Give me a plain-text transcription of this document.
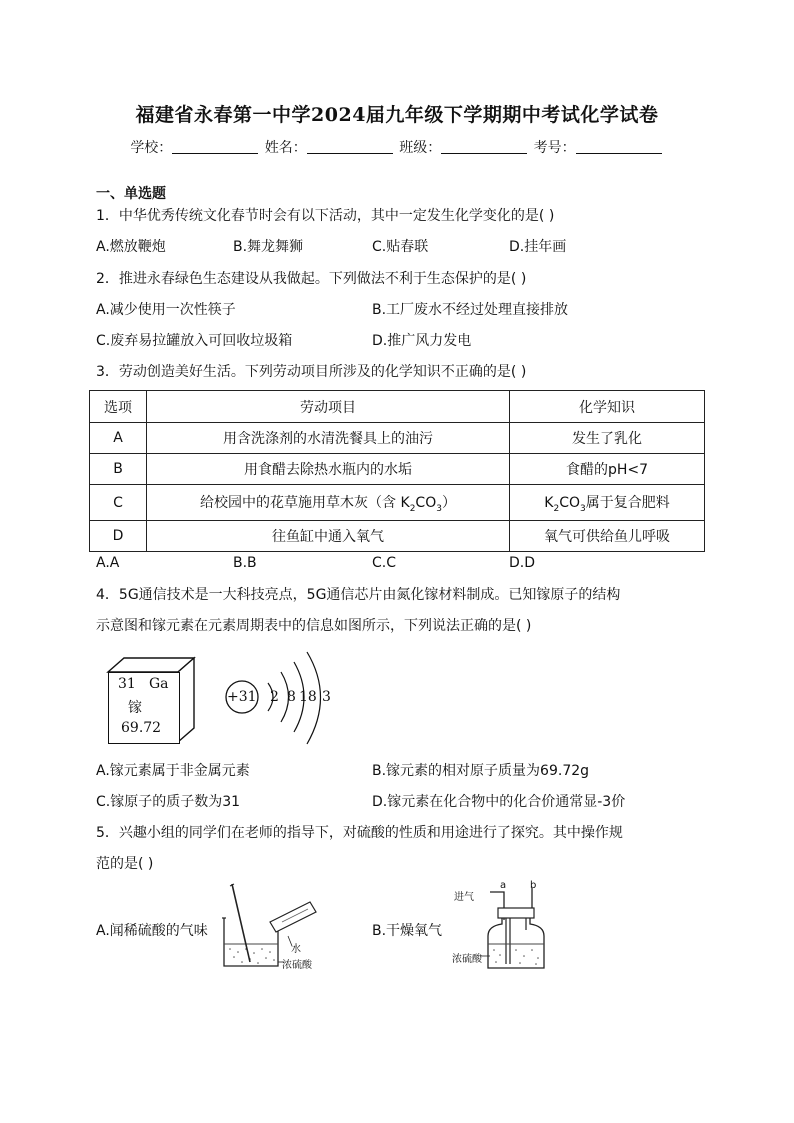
福建省永春第一中学2024届九年级下学期期中考试化学试卷
学校：	姓名：	班级：	考号：
一、单选题
1．中华优秀传统文化春节时会有以下活动，其中一定发生化学变化的是( )
A.燃放鞭炮	B.舞龙舞狮	C.贴春联	D.挂年画
2．推进永春绿色生态建设从我做起。下列做法不利于生态保护的是( )
A.减少使用一次性筷子	B.工厂废水不经过处理直接排放
C.废弃易拉罐放入可回收垃圾箱	D.推广风力发电
3．劳动创造美好生活。下列劳动项目所涉及的化学知识不正确的是( )
选项	劳动项目	化学知识
A	用含洗涤剂的水清洗餐具上的油污	发生了乳化
B	用食醋去除热水瓶内的水垢	食醋的pH<7
C	给校园中的花草施用草木灰（含 $K_2CO_3$）	$K_2CO_3$属于复合肥料
D	往鱼缸中通入氧气	氧气可供给鱼儿呼吸
A.A	B.B	C.C	D.D
4．5G通信技术是一大科技亮点，5G通信芯片由氮化镓材料制成。已知镓原子的结构
示意图和镓元素在元素周期表中的信息如图所示，下列说法正确的是( )
31 Ga
镓
69.72
+31 2 8 18 3
A.镓元素属于非金属元素	B.镓元素的相对原子质量为69.72g
C.镓原子的质子数为31	D.镓元素在化合物中的化合价通常显-3价
5．兴趣小组的同学们在老师的指导下，对硫酸的性质和用途进行了探究。其中操作规
范的是( )
A.闻稀硫酸的气味
水
浓硫酸
B.干燥氧气
进气
a b
浓硫酸
